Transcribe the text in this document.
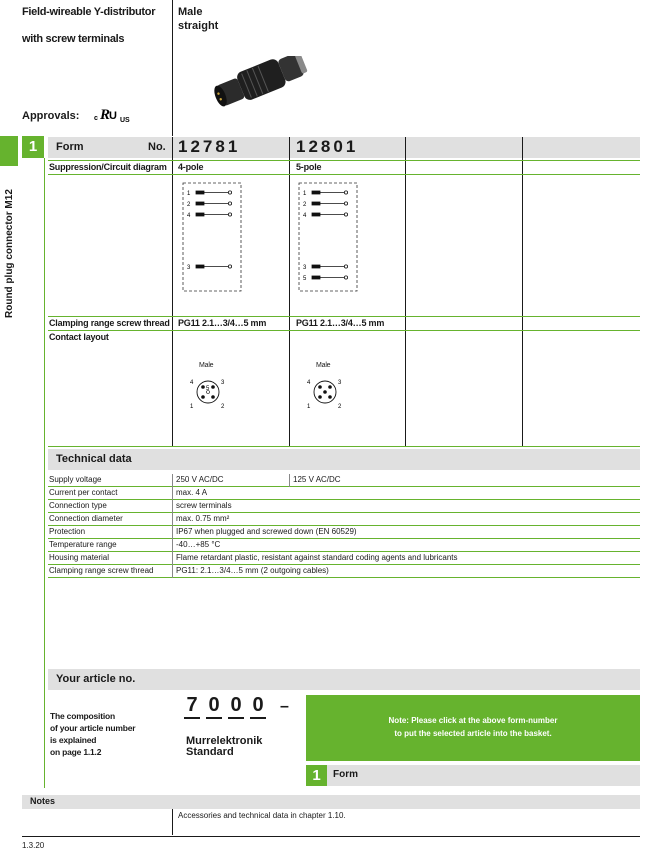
Field-wireable Y-distributor
with screw terminals
Male
straight
Approvals: c R
U US
1
Round plug connector M12
Form	No. 12781	12801
Suppression/Circuit diagram 4-pole	5-pole
1
2
4
3
1
2
4
3
5
Clamping range screw thread PG11 2.1…3/4…5 mm	PG11 2.1…3/4…5 mm
Contact layout
Male
4	3
5
1	2
Male
4	3
1	2
Technical data
Supply voltage	250 V AC/DC	125 V AC/DC
Current per contact	max. 4 A
Connection type	screw terminals
Connection diameter	max. 0.75 mm²
Protection	IP67 when plugged and screwed down (EN 60529)
Temperature range	-40…+85 °C
Housing material	Flame retardant plastic, resistant against standard coding agents and lubricants
Clamping range screw thread	PG11: 2.1…3/4…5 mm (2 outgoing cables)
Your article no.
The composition
of your article number
is explained
on page 1.1.2
7 0 0 0 –
Murrelektronik
Standard
Note: Please click at the above form-number
to put the selected article into the basket.
1	Form
Notes
Accessories and technical data in chapter 1.10.
1.3.20
